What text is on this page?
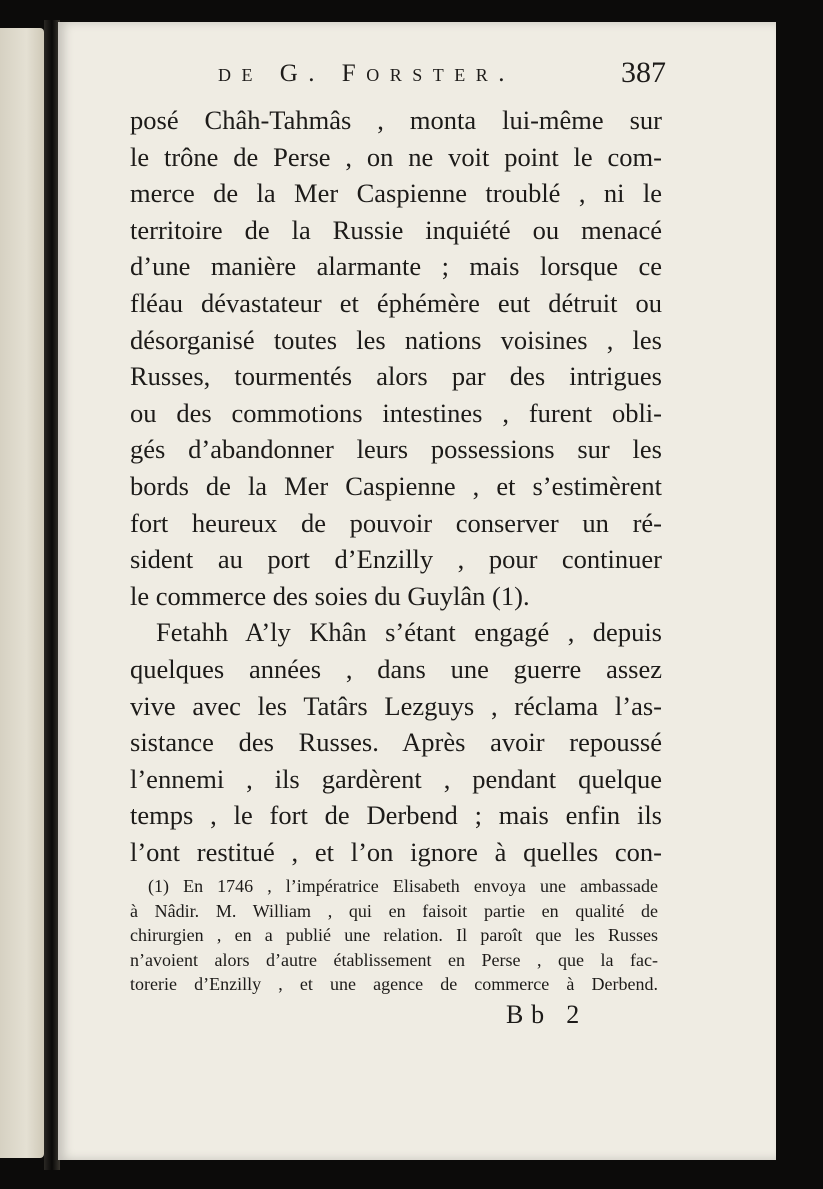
de G. Forster.	387
posé Châh-Tahmâs , monta lui-même sur
le trône de Perse , on ne voit point le com-
merce de la Mer Caspienne troublé , ni le
territoire de la Russie inquiété ou menacé
d’une manière alarmante ; mais lorsque ce
fléau dévastateur et éphémère eut détruit ou
désorganisé toutes les nations voisines , les
Russes, tourmentés alors par des intrigues
ou des commotions intestines , furent obli-
gés d’abandonner leurs possessions sur les
bords de la Mer Caspienne , et s’estimèrent
fort heureux de pouvoir conserver un ré-
sident au port d’Enzilly , pour continuer
le commerce des soies du Guylân (1).
Fetahh A’ly Khân s’étant engagé , depuis
quelques années , dans une guerre assez
vive avec les Tatârs Lezguys , réclama l’as-
sistance des Russes. Après avoir repoussé
l’ennemi , ils gardèrent , pendant quelque
temps , le fort de Derbend ; mais enfin ils
l’ont restitué , et l’on ignore à quelles con-
(1) En 1746 , l’impératrice Elisabeth envoya une ambassade
à Nâdir. M. William , qui en faisoit partie en qualité de
chirurgien , en a publié une relation. Il paroît que les Russes
n’avoient alors d’autre établissement en Perse , que la fac-
torerie d’Enzilly , et une agence de commerce à Derbend.
Bb 2
